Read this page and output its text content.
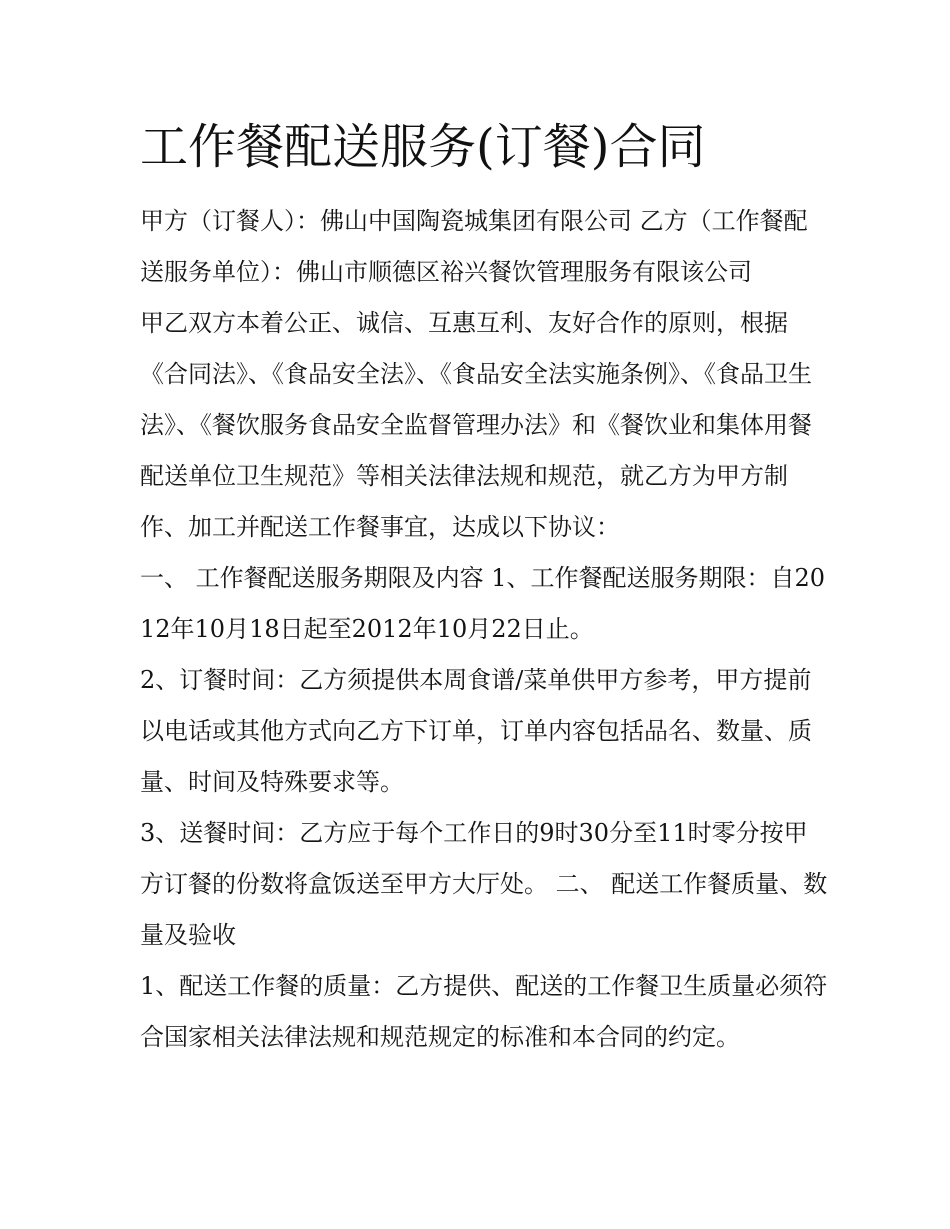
工作餐配送服务(订餐)合同

甲方（订餐人）：佛山中国陶瓷城集团有限公司 乙方（工作餐配送服务单位）：佛山市顺德区裕兴餐饮管理服务有限该公司

甲乙双方本着公正、诚信、互惠互利、友好合作的原则，根据《合同法》、《食品安全法》、《食品安全法实施条例》、《食品卫生法》、《餐饮服务食品安全监督管理办法》和《餐饮业和集体用餐配送单位卫生规范》等相关法律法规和规范，就乙方为甲方制作、加工并配送工作餐事宜，达成以下协议：

一、 工作餐配送服务期限及内容 1、工作餐配送服务期限：自2012年10月18日起至2012年10月22日止。

2、订餐时间：乙方须提供本周食谱/菜单供甲方参考，甲方提前 以电话或其他方式向乙方下订单，订单内容包括品名、数量、质量、时间及特殊要求等。

3、送餐时间：乙方应于每个工作日的9时30分至11时零分按甲方订餐的份数将盒饭送至甲方大厅处。 二、 配送工作餐质量、数量及验收

1、配送工作餐的质量：乙方提供、配送的工作餐卫生质量必须符合国家相关法律法规和规范规定的标准和本合同的约定。
